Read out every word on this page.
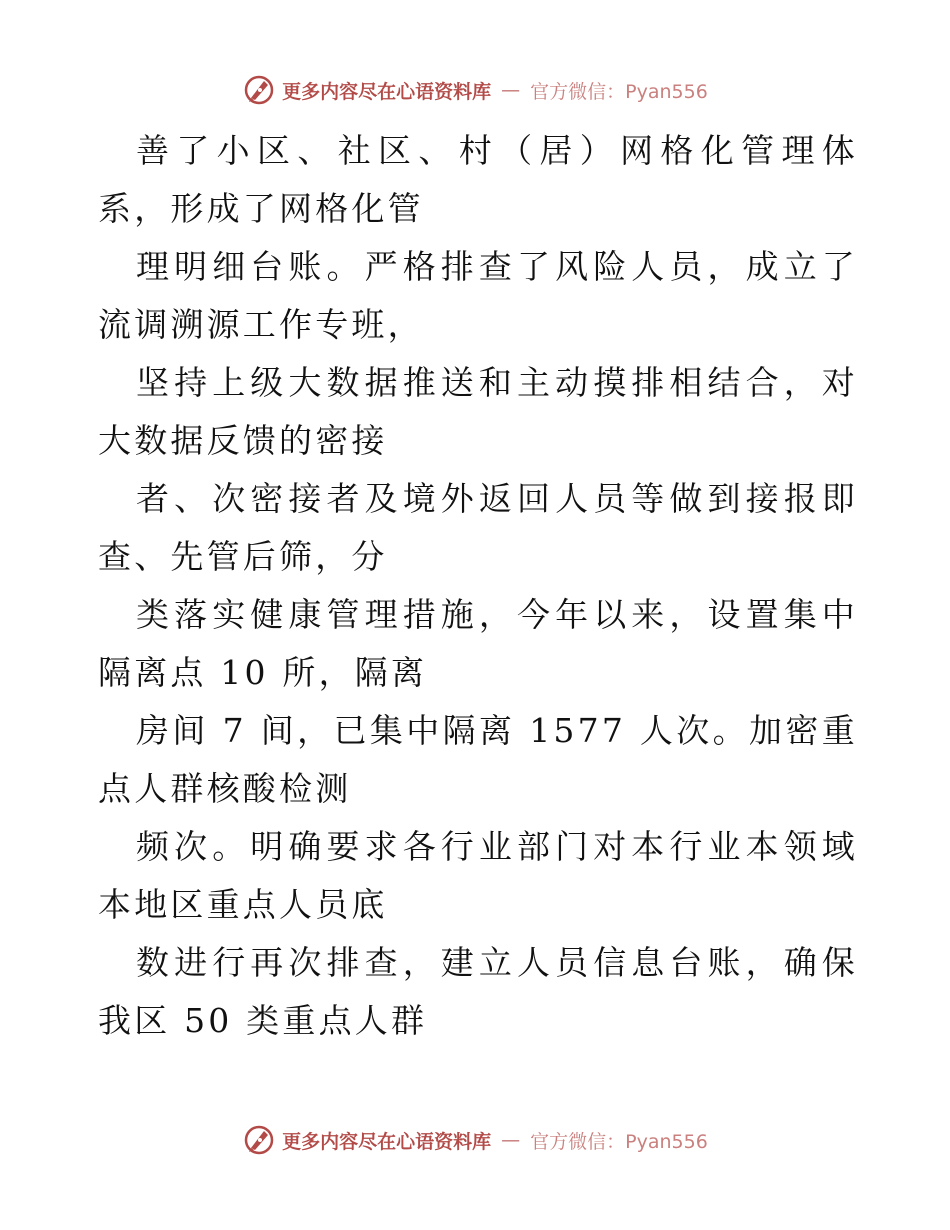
更多内容尽在心语资料库 — 官方微信：Pyan556

善了小区、社区、村（居）网格化管理体系，形成了网格化管

理明细台账。严格排查了风险人员，成立了流调溯源工作专班，

坚持上级大数据推送和主动摸排相结合，对大数据反馈的密接

者、次密接者及境外返回人员等做到接报即查、先管后筛，分

类落实健康管理措施，今年以来，设置集中隔离点 10 所，隔离

房间 7 间，已集中隔离 1577 人次。加密重点人群核酸检测

频次。明确要求各行业部门对本行业本领域本地区重点人员底

数进行再次排查，建立人员信息台账，确保我区 50 类重点人群

更多内容尽在心语资料库 — 官方微信：Pyan556
